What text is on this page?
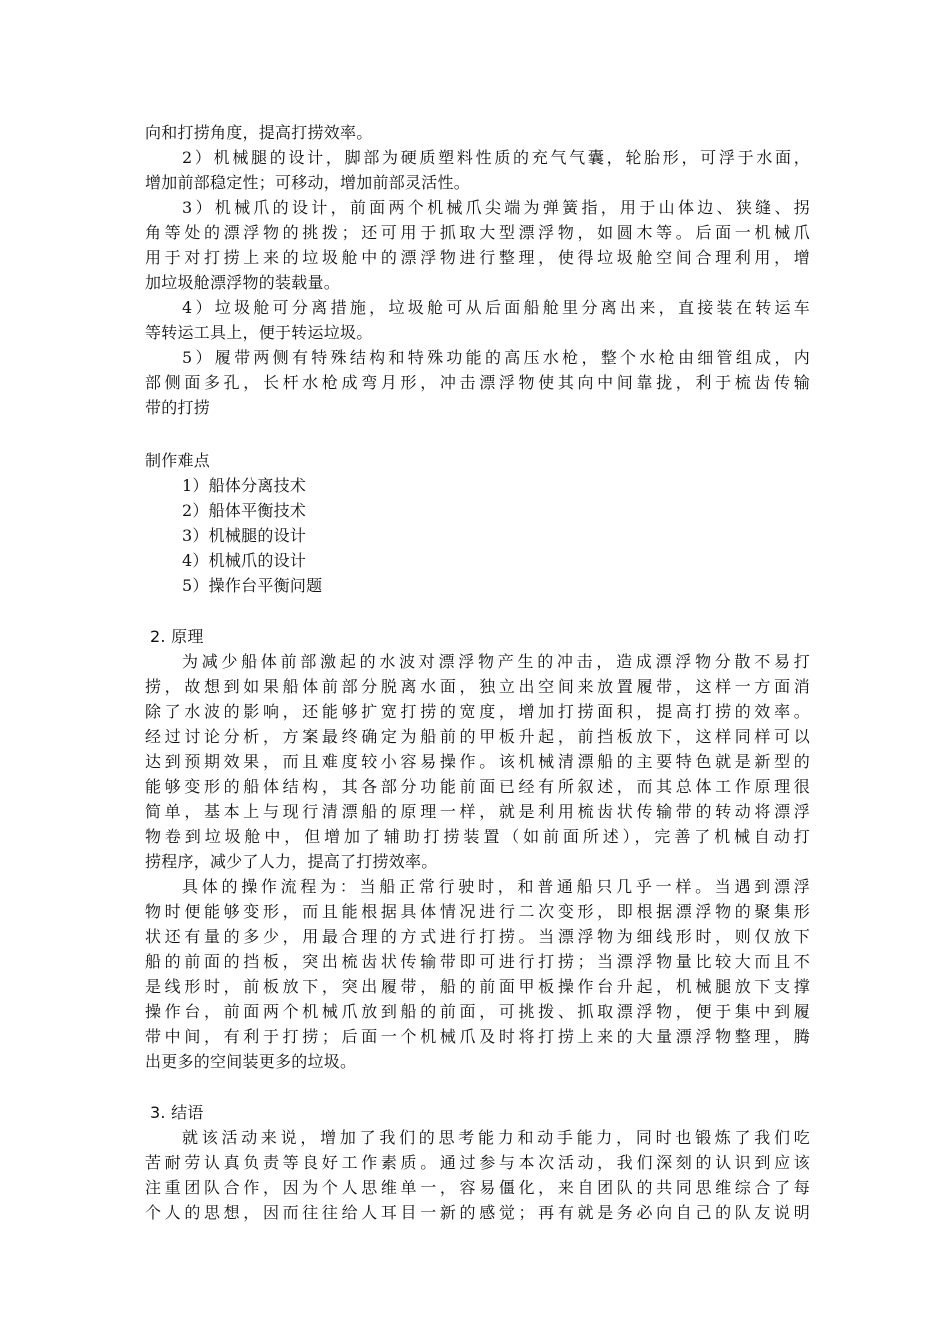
向和打捞角度，提高打捞效率。
2）机械腿的设计，脚部为硬质塑料性质的充气气囊，轮胎形，可浮于水面，
增加前部稳定性；可移动，增加前部灵活性。
3）机械爪的设计，前面两个机械爪尖端为弹簧指，用于山体边、狭缝、拐
角等处的漂浮物的挑拨；还可用于抓取大型漂浮物，如圆木等。后面一机械爪
用于对打捞上来的垃圾舱中的漂浮物进行整理，使得垃圾舱空间合理利用，增
加垃圾舱漂浮物的装载量。
4）垃圾舱可分离措施，垃圾舱可从后面船舱里分离出来，直接装在转运车
等转运工具上，便于转运垃圾。
5）履带两侧有特殊结构和特殊功能的高压水枪，整个水枪由细管组成，内
部侧面多孔，长杆水枪成弯月形，冲击漂浮物使其向中间靠拢，利于梳齿传输
带的打捞
制作难点
1）船体分离技术
2）船体平衡技术
3）机械腿的设计
4）机械爪的设计
5）操作台平衡问题
2. 原理
为减少船体前部激起的水波对漂浮物产生的冲击，造成漂浮物分散不易打
捞，故想到如果船体前部分脱离水面，独立出空间来放置履带，这样一方面消
除了水波的影响，还能够扩宽打捞的宽度，增加打捞面积，提高打捞的效率。
经过讨论分析，方案最终确定为船前的甲板升起，前挡板放下，这样同样可以
达到预期效果，而且难度较小容易操作。该机械清漂船的主要特色就是新型的
能够变形的船体结构，其各部分功能前面已经有所叙述，而其总体工作原理很
简单，基本上与现行清漂船的原理一样，就是利用梳齿状传输带的转动将漂浮
物卷到垃圾舱中，但增加了辅助打捞装置（如前面所述），完善了机械自动打
捞程序，减少了人力，提高了打捞效率。
具体的操作流程为：当船正常行驶时，和普通船只几乎一样。当遇到漂浮
物时便能够变形，而且能根据具体情况进行二次变形，即根据漂浮物的聚集形
状还有量的多少，用最合理的方式进行打捞。当漂浮物为细线形时，则仅放下
船的前面的挡板，突出梳齿状传输带即可进行打捞；当漂浮物量比较大而且不
是线形时，前板放下，突出履带，船的前面甲板操作台升起，机械腿放下支撑
操作台，前面两个机械爪放到船的前面，可挑拨、抓取漂浮物，便于集中到履
带中间，有利于打捞；后面一个机械爪及时将打捞上来的大量漂浮物整理，腾
出更多的空间装更多的垃圾。
3. 结语
就该活动来说，增加了我们的思考能力和动手能力，同时也锻炼了我们吃
苦耐劳认真负责等良好工作素质。通过参与本次活动，我们深刻的认识到应该
注重团队合作，因为个人思维单一，容易僵化，来自团队的共同思维综合了每
个人的思想，因而往往给人耳目一新的感觉；再有就是务必向自己的队友说明
